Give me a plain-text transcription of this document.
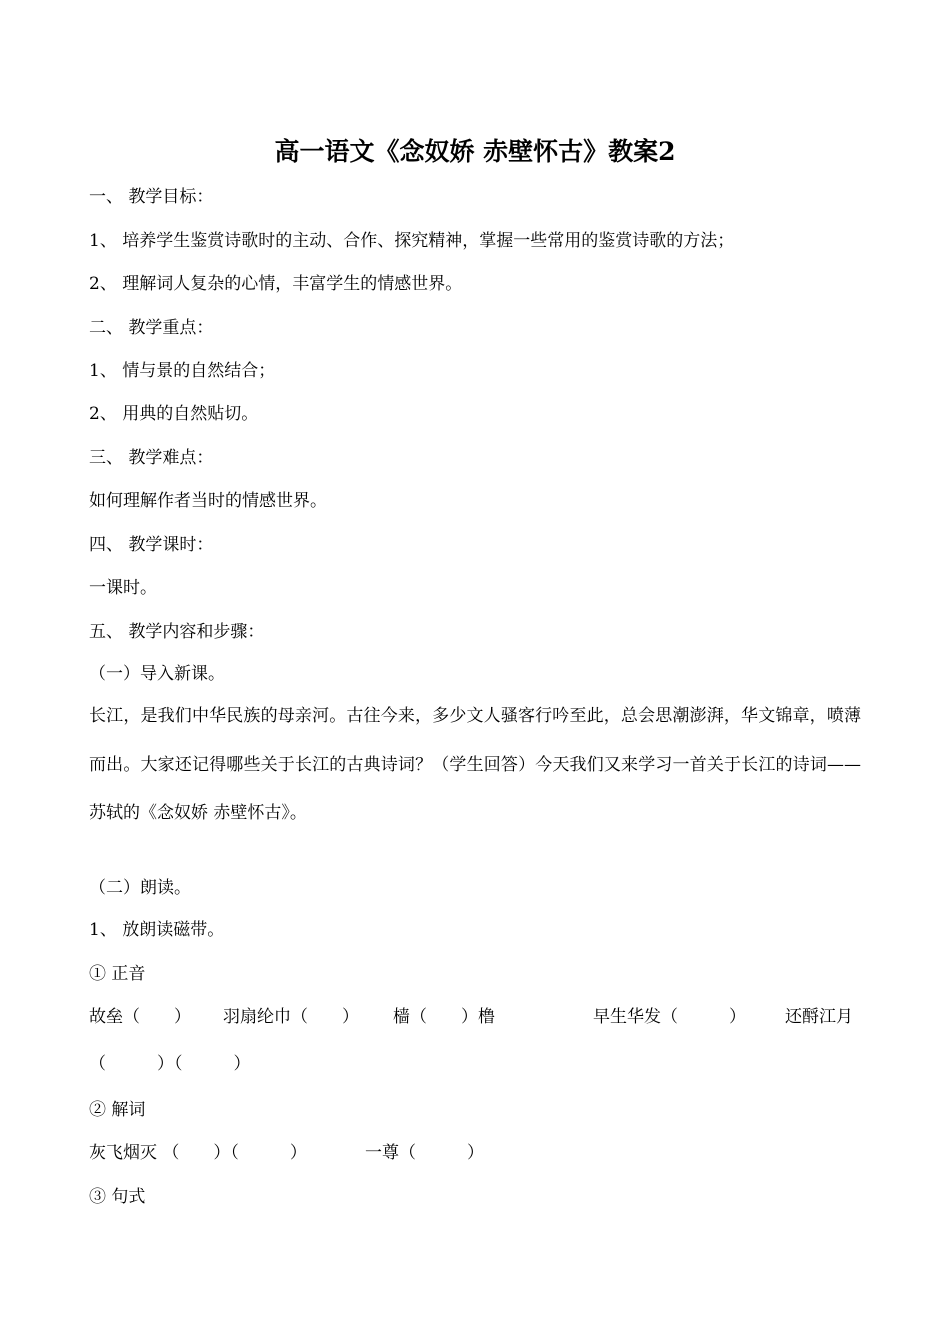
高一语文《念奴娇 赤壁怀古》教案2
一、 教学目标：
1、 培养学生鉴赏诗歌时的主动、合作、探究精神，掌握一些常用的鉴赏诗歌的方法；
2、 理解词人复杂的心情，丰富学生的情感世界。
二、 教学重点：
1、 情与景的自然结合；
2、 用典的自然贴切。
三、 教学难点：
如何理解作者当时的情感世界。
四、 教学课时：
一课时。
五、 教学内容和步骤：
（一）导入新课。
长江，是我们中华民族的母亲河。古往今来，多少文人骚客行吟至此，总会思潮澎湃，华文锦章，喷薄而出。大家还记得哪些关于长江的古典诗词？（学生回答）今天我们又来学习一首关于长江的诗词——苏轼的《念奴娇 赤壁怀古》。
（二）朗读。
1、 放朗读磁带。
① 正音
故垒（　　） 羽扇纶巾（　　） 樯（　　）橹	早生华发（　　　） 还酹江月
（　　　）（　　　）
② 解词
灰飞烟灭 （　　）（　　　）	一尊（　　　）
③ 句式
